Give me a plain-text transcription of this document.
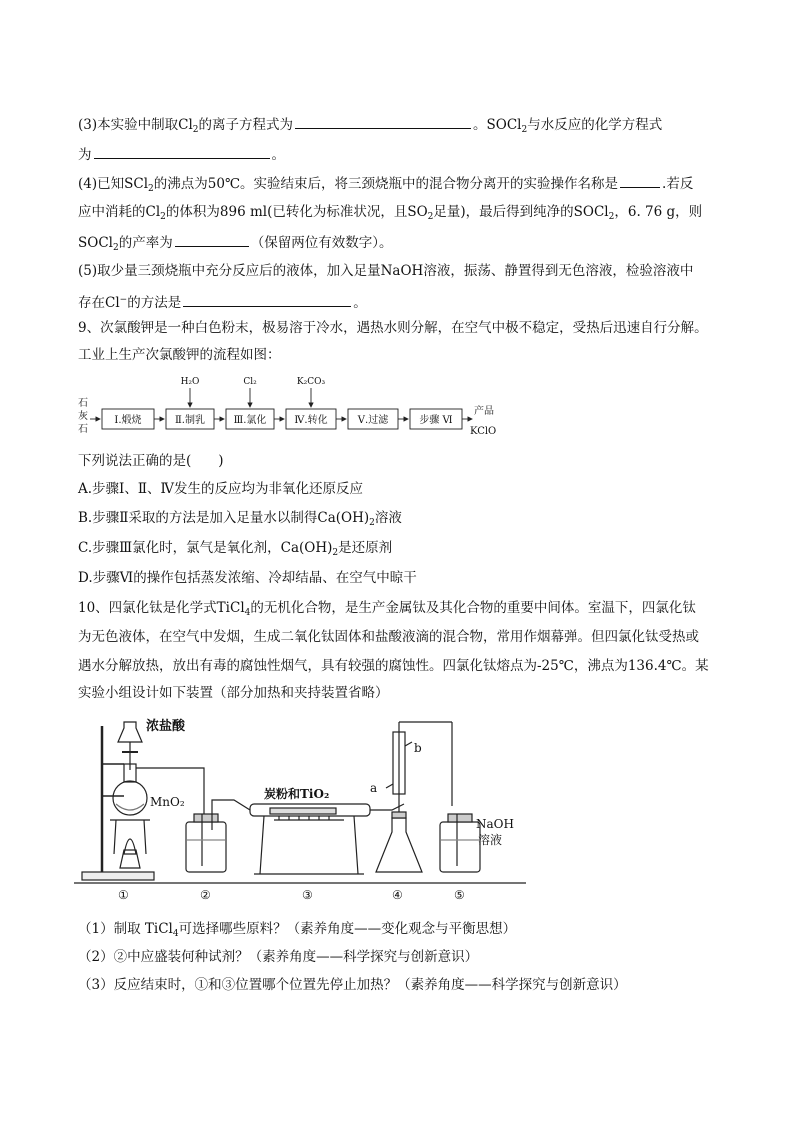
(3)本实验中制取$Cl_2$的离子方程式为	。SOCl$_2$与水反应的化学方程式
为	。
(4)已知SCl$_2$的沸点为50℃。实验结束后，将三颈烧瓶中的混合物分离开的实验操作名称是	.若反
应中消耗的$Cl_2$的体积为896 ml(已转化为标准状况，且$SO_2$足量)，最后得到纯净的SOCl$_2$，6. 76 g，则
SOCl$_2$的产率为	（保留两位有效数字）。
(5)取少量三颈烧瓶中充分反应后的液体，加入足量NaOH溶液，振荡、静置得到无色溶液，检验溶液中
存在Cl−的方法是	。
9、次氯酸钾是一种白色粉末，极易溶于冷水，遇热水则分解，在空气中极不稳定，受热后迅速自行分解。
工业上生产次氯酸钾的流程如图：
石
灰
石
Ⅰ.煅烧	Ⅱ.制乳	Ⅲ.氯化	Ⅳ.转化	Ⅴ.过滤	步骤 Ⅵ
H₂O	Cl₂	K₂CO₃
产品
KClO
下列说法正确的是(　　)
A.步骤Ⅰ、Ⅱ、Ⅳ发生的反应均为非氧化还原反应
B.步骤Ⅱ采取的方法是加入足量水以制得$Ca(OH)_2$溶液
C.步骤Ⅲ氯化时，氯气是氧化剂，$Ca(OH)_2$是还原剂
D.步骤Ⅵ的操作包括蒸发浓缩、冷却结晶、在空气中晾干
10、四氯化钛是化学式TiCl$_4$的无机化合物，是生产金属钛及其化合物的重要中间体。室温下，四氯化钛
为无色液体，在空气中发烟，生成二氧化钛固体和盐酸液滴的混合物，常用作烟幕弹。但四氯化钛受热或
遇水分解放热，放出有毒的腐蚀性烟气，具有较强的腐蚀性。四氯化钛熔点为-25℃，沸点为136.4℃。某
实验小组设计如下装置（部分加热和夹持装置省略）
浓盐酸
MnO₂
炭粉和TiO₂	a
b
NaOH
溶液
①	②	③	④	⑤
（1）制取 TiCl$_4$可选择哪些原料？（素养角度——变化观念与平衡思想）
（2）②中应盛装何种试剂？（素养角度——科学探究与创新意识）
（3）反应结束时，①和③位置哪个位置先停止加热？（素养角度——科学探究与创新意识）
